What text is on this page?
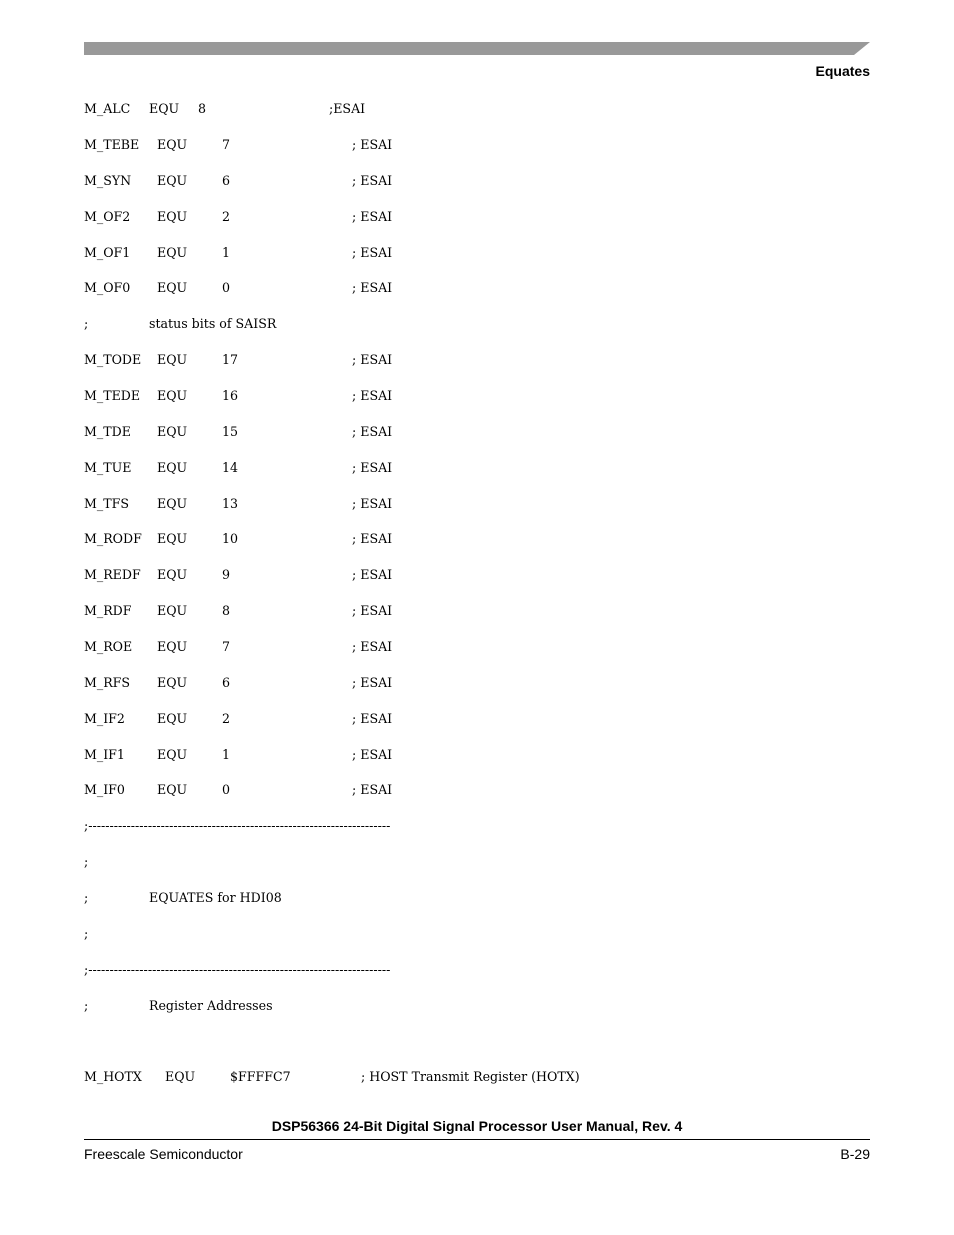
Equates
M_ALC EQU 8	;ESAI
M_TEBE EQU	7	; ESAI
M_SYN EQU	6	; ESAI
M_OF2 EQU	2	; ESAI
M_OF1 EQU	1	; ESAI
M_OF0 EQU	0	; ESAI
;	status bits of SAISR
M_TODE EQU	17	; ESAI
M_TEDE EQU	16	; ESAI
M_TDE EQU	15	; ESAI
M_TUE EQU	14	; ESAI
M_TFS EQU	13	; ESAI
M_RODF EQU	10	; ESAI
M_REDF EQU	9	; ESAI
M_RDF EQU	8	; ESAI
M_ROE EQU	7	; ESAI
M_RFS EQU	6	; ESAI
M_IF2	EQU	2	; ESAI
M_IF1	EQU	1	; ESAI
M_IF0	EQU	0	; ESAI
;-----------------------------------------------------------------------
;
;	EQUATES for HDI08
;
;-----------------------------------------------------------------------
;	Register Addresses
M_HOTX EQU	$FFFFC7	; HOST Transmit Register (HOTX)
DSP56366 24-Bit Digital Signal Processor User Manual, Rev. 4
Freescale Semiconductor	B-29
